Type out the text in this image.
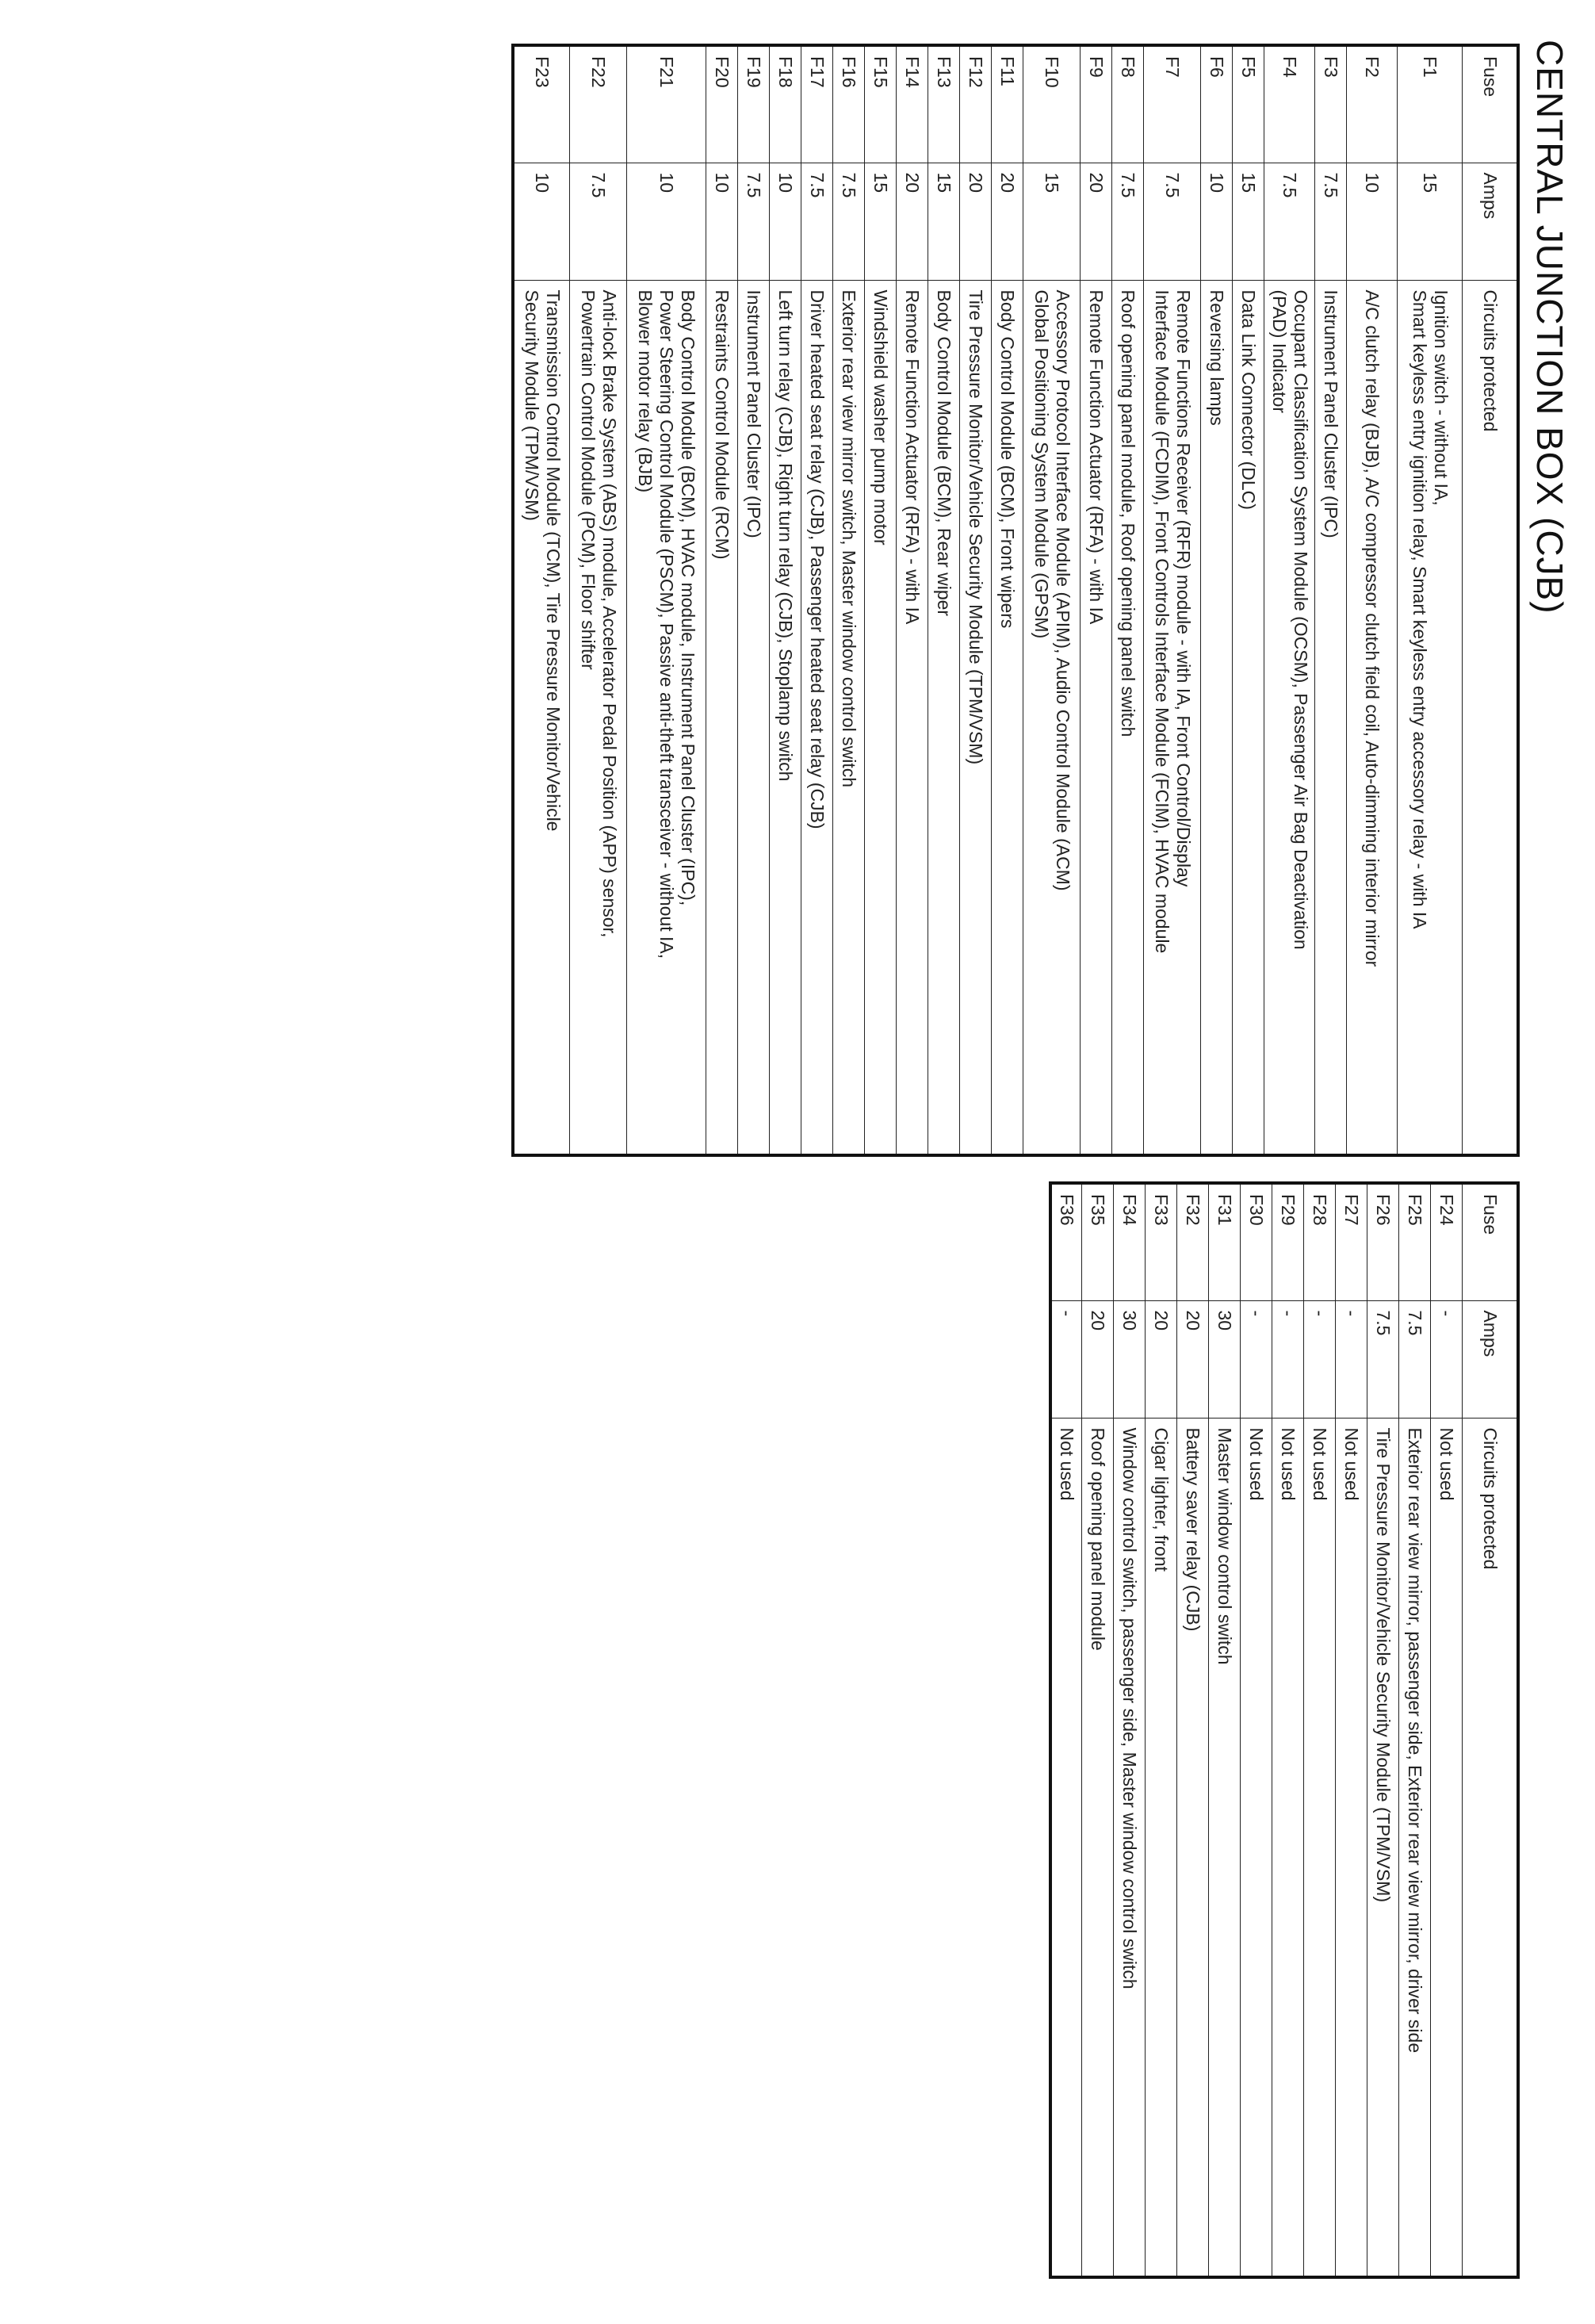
CENTRAL JUNCTION BOX (CJB)
Fuse	Amps	Circuits protected
F1	15	Ignition switch - without IA,
Smart keyless entry ignition relay, Smart keyless entry accessory relay - with IA
F2	10	A/C clutch relay (BJB), A/C compressor clutch field coil, Auto-dimming interior mirror
F3	7.5	Instrument Panel Cluster (IPC)
F4	7.5	Occupant Classification System Module (OCSM), Passenger Air Bag Deactivation
(PAD) Indicator
F5	15	Data Link Connector (DLC)
F6	10	Reversing lamps
F7	7.5	Remote Functions Receiver (RFR) module - with IA, Front Control/Display
Interface Module (FCDIM), Front Controls Interface Module (FCIM), HVAC module
F8	7.5	Roof opening panel module, Roof opening panel switch
F9	20	Remote Function Actuator (RFA) - with IA
F10	15	Accessory Protocol Interface Module (APIM), Audio Control Module (ACM)
Global Positioning System Module (GPSM)
F11	20	Body Control Module (BCM), Front wipers
F12	20	Tire Pressure Monitor/Vehicle Security Module (TPM/VSM)
F13	15	Body Control Module (BCM), Rear wiper
F14	20	Remote Function Actuator (RFA) - with IA
F15	15	Windshield washer pump motor
F16	7.5	Exterior rear view mirror switch, Master window control switch
F17	7.5	Driver heated seat relay (CJB), Passenger heated seat relay (CJB)
F18	10	Left turn relay (CJB), Right turn relay (CJB), Stoplamp switch
F19	7.5	Instrument Panel Cluster (IPC)
F20	10	Restraints Control Module (RCM)
F21	10	Body Control Module (BCM), HVAC module, Instrument Panel Cluster (IPC),
Power Steering Control Module (PSCM), Passive anti-theft transceiver - without IA,
Blower motor relay (BJB)
F22	7.5	Anti-lock Brake System (ABS) module, Accelerator Pedal Position (APP) sensor,
Powertrain Control Module (PCM), Floor shifter
F23	10	Transmission Control Module (TCM), Tire Pressure Monitor/Vehicle
Security Module (TPM/VSM)
Fuse	Amps	Circuits protected
F24	-	Not used
F25	7.5	Exterior rear view mirror, passenger side, Exterior rear view mirror, driver side
F26	7.5	Tire Pressure Monitor/Vehicle Security Module (TPM/VSM)
F27	-	Not used
F28	-	Not used
F29	-	Not used
F30	-	Not used
F31	30	Master window control switch
F32	20	Battery saver relay (CJB)
F33	20	Cigar lighter, front
F34	30	Window control switch, passenger side, Master window control switch
F35	20	Roof opening panel module
F36	-	Not used
